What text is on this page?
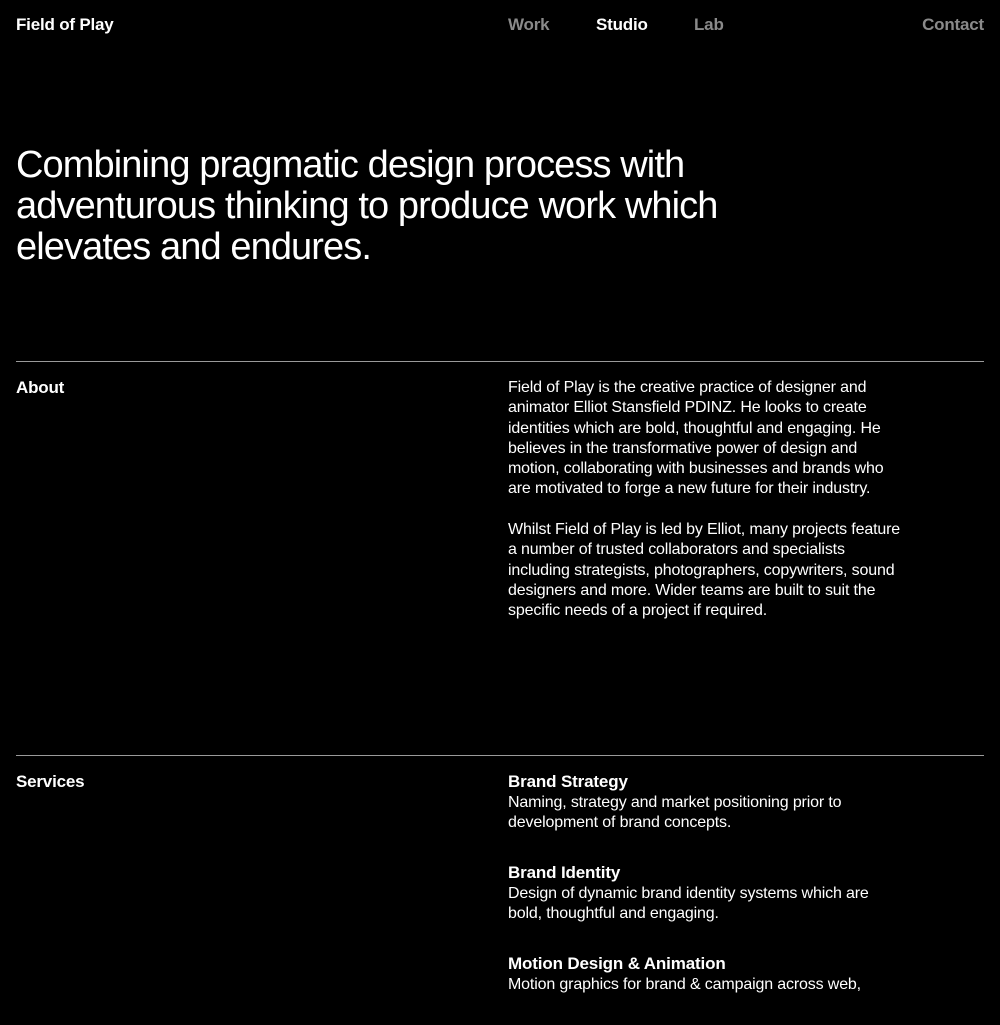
Field of Play	Work	Studio	Lab	Contact
Combining pragmatic design process with adventurous thinking to produce work which elevates and endures.
About	Field of Play is the creative practice of designer and animator Elliot Stansfield PDINZ. He looks to create identities which are bold, thoughtful and engaging. He believes in the transformative power of design and motion, collaborating with businesses and brands who are motivated to forge a new future for their industry.

Whilst Field of Play is led by Elliot, many projects feature a number of trusted collaborators and specialists including strategists, photographers, copywriters, sound designers and more. Wider teams are built to suit the specific needs of a project if required.

Services	Brand Strategy
Naming, strategy and market positioning prior to development of brand concepts.
Brand Identity
Design of dynamic brand identity systems which are bold, thoughtful and engaging.
Motion Design & Animation
Motion graphics for brand & campaign across web,
